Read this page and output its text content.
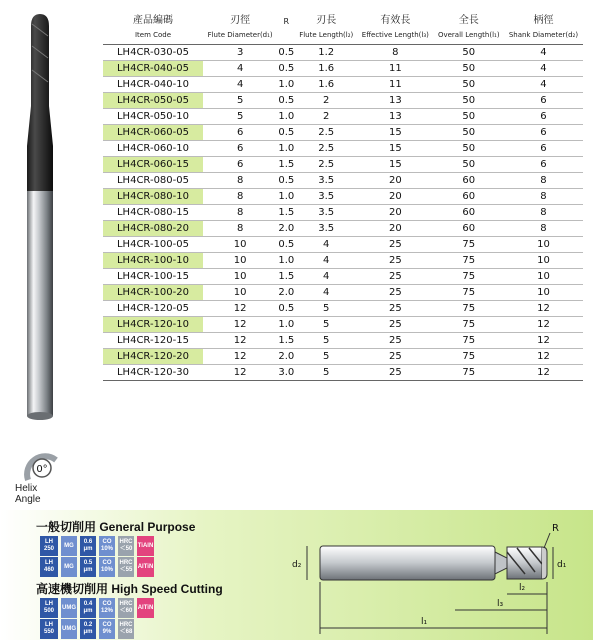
產品編碼	刃徑	R	刃長	有效長	全長	柄徑
Item Code	Flute Diameter(d₁)		Flute Length(l₂)	Effective Length(l₃)	Overall Length(l₁)	Shank Diameter(d₂)
LH4CR-030-05	3	0.5	1.2	8	50	4
LH4CR-040-05	4	0.5	1.6	11	50	4
LH4CR-040-10	4	1.0	1.6	11	50	4
LH4CR-050-05	5	0.5	2	13	50	6
LH4CR-050-10	5	1.0	2	13	50	6
LH4CR-060-05	6	0.5	2.5	15	50	6
LH4CR-060-10	6	1.0	2.5	15	50	6
LH4CR-060-15	6	1.5	2.5	15	50	6
LH4CR-080-05	8	0.5	3.5	20	60	8
LH4CR-080-10	8	1.0	3.5	20	60	8
LH4CR-080-15	8	1.5	3.5	20	60	8
LH4CR-080-20	8	2.0	3.5	20	60	8
LH4CR-100-05	10	0.5	4	25	75	10
LH4CR-100-10	10	1.0	4	25	75	10
LH4CR-100-15	10	1.5	4	25	75	10
LH4CR-100-20	10	2.0	4	25	75	10
LH4CR-120-05	12	0.5	5	25	75	12
LH4CR-120-10	12	1.0	5	25	75	12
LH4CR-120-15	12	1.5	5	25	75	12
LH4CR-120-20	12	2.0	5	25	75	12
LH4CR-120-30	12	3.0	5	25	75	12
0°
Helix
Angle
一般切削用 General Purpose
高速機切削用 High Speed Cutting
LH
250
MG
0.6
μm
CO
10%
HRC
＜50
TiAlN
LH
460
MG
0.5
μm
CO
10%
HRC
＜55
AlTiN
LH
500
UMG
0.4
μm
CO
12%
HRC
＜60
AlTiN
LH
550
UMG
0.2
μm
CO
9%
HRC
＜68
R
d₁
d₂
l₂
l₃
l₁
